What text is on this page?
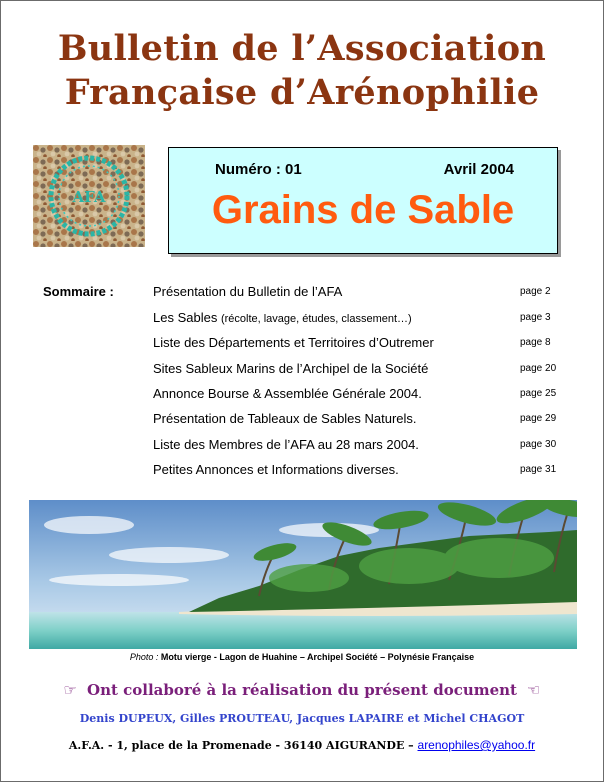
Bulletin de l’Association
Française d’Arénophilie
AFA
Numéro : 01	Avril 2004
Grains de Sable
Sommaire :	Présentation du Bulletin de l’AFA	page 2
Les Sables (récolte, lavage, études, classement…)	page 3
Liste des Départements et Territoires d’Outremer	page 8
Sites Sableux Marins de l’Archipel de la Société	page 20
Annonce Bourse & Assemblée Générale 2004.	page 25
Présentation de Tableaux de Sables Naturels.	page 29
Liste des Membres de l’AFA au 28 mars 2004.	page 30
Petites Annonces et Informations diverses.	page 31
Photo : Motu vierge - Lagon de Huahine – Archipel Société – Polynésie Française
☞ Ont collaboré à la réalisation du présent document ☜
Denis DUPEUX, Gilles PROUTEAU, Jacques LAPAIRE et Michel CHAGOT
A.F.A. - 1, place de la Promenade - 36140 AIGURANDE – arenophiles@yahoo.fr
